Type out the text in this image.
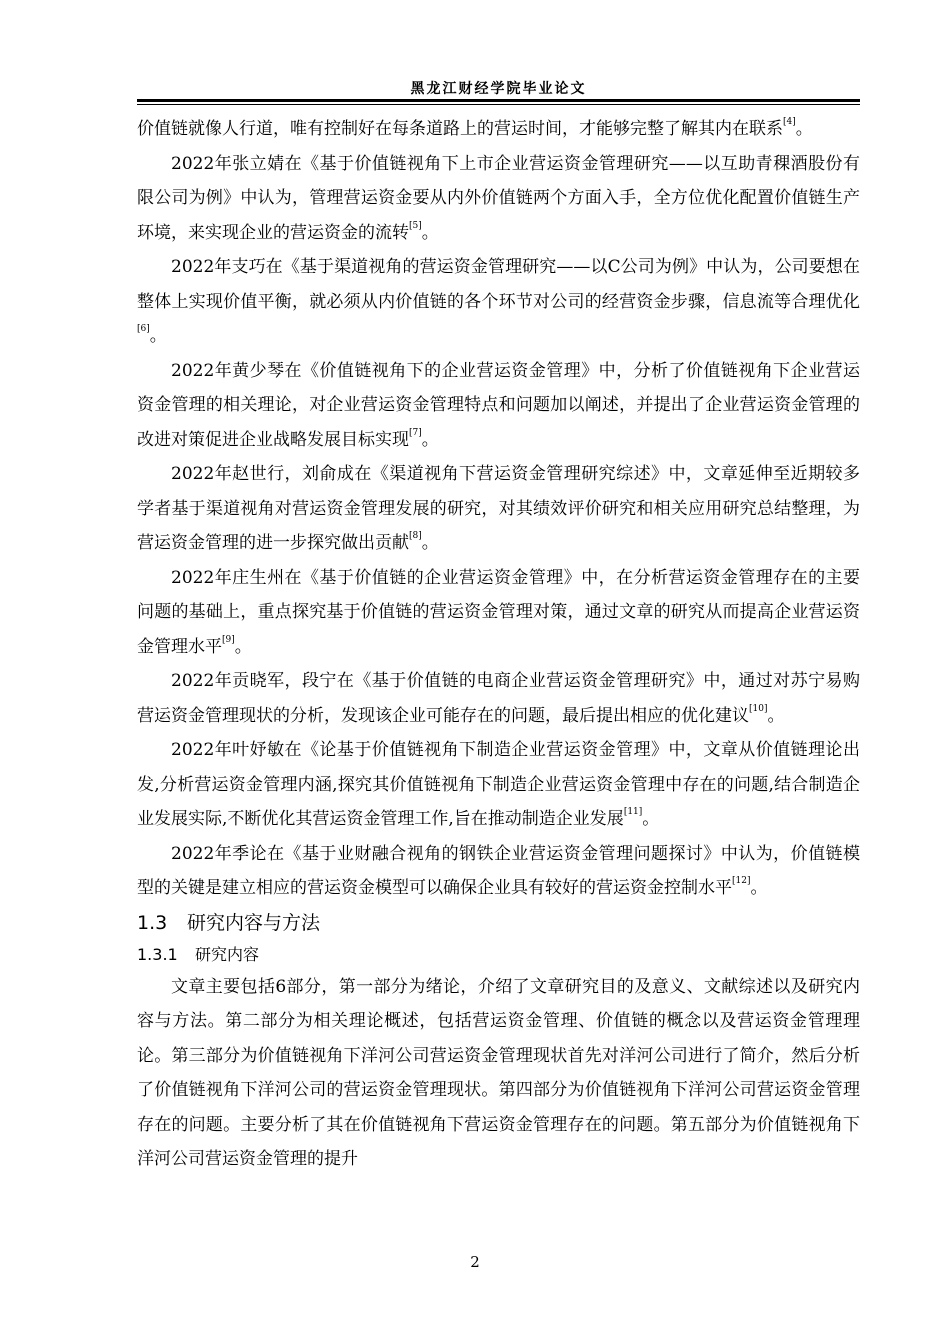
黑龙江财经学院毕业论文

价值链就像人行道，唯有控制好在每条道路上的营运时间，才能够完整了解其内在联系[4]。

2022年张立婧在《基于价值链视角下上市企业营运资金管理研究——以互助青稞酒股份有限公司为例》中认为，管理营运资金要从内外价值链两个方面入手，全方位优化配置价值链生产环境，来实现企业的营运资金的流转[5]。

2022年支巧在《基于渠道视角的营运资金管理研究——以C公司为例》中认为，公司要想在整体上实现价值平衡，就必须从内价值链的各个环节对公司的经营资金步骤，信息流等合理优化[6]。

2022年黄少琴在《价值链视角下的企业营运资金管理》中，分析了价值链视角下企业营运资金管理的相关理论，对企业营运资金管理特点和问题加以阐述，并提出了企业营运资金管理的改进对策促进企业战略发展目标实现[7]。

2022年赵世行，刘俞成在《渠道视角下营运资金管理研究综述》中，文章延伸至近期较多学者基于渠道视角对营运资金管理发展的研究，对其绩效评价研究和相关应用研究总结整理，为营运资金管理的进一步探究做出贡献[8]。

2022年庄生州在《基于价值链的企业营运资金管理》中，在分析营运资金管理存在的主要问题的基础上，重点探究基于价值链的营运资金管理对策，通过文章的研究从而提高企业营运资金管理水平[9]。

2022年贡晓军，段宁在《基于价值链的电商企业营运资金管理研究》中，通过对苏宁易购营运资金管理现状的分析，发现该企业可能存在的问题，最后提出相应的优化建议[10]。

2022年叶妤敏在《论基于价值链视角下制造企业营运资金管理》中，文章从价值链理论出发,分析营运资金管理内涵,探究其价值链视角下制造企业营运资金管理中存在的问题,结合制造企业发展实际,不断优化其营运资金管理工作,旨在推动制造企业发展[11]。

2022年季论在《基于业财融合视角的钢铁企业营运资金管理问题探讨》中认为，价值链模型的关键是建立相应的营运资金模型可以确保企业具有较好的营运资金控制水平[12]。

1.3 研究内容与方法
1.3.1 研究内容

文章主要包括6部分，第一部分为绪论，介绍了文章研究目的及意义、文献综述以及研究内容与方法。第二部分为相关理论概述，包括营运资金管理、价值链的概念以及营运资金管理理论。第三部分为价值链视角下洋河公司营运资金管理现状首先对洋河公司进行了简介，然后分析了价值链视角下洋河公司的营运资金管理现状。第四部分为价值链视角下洋河公司营运资金管理存在的问题。主要分析了其在价值链视角下营运资金管理存在的问题。第五部分为价值链视角下洋河公司营运资金管理的提升

2
